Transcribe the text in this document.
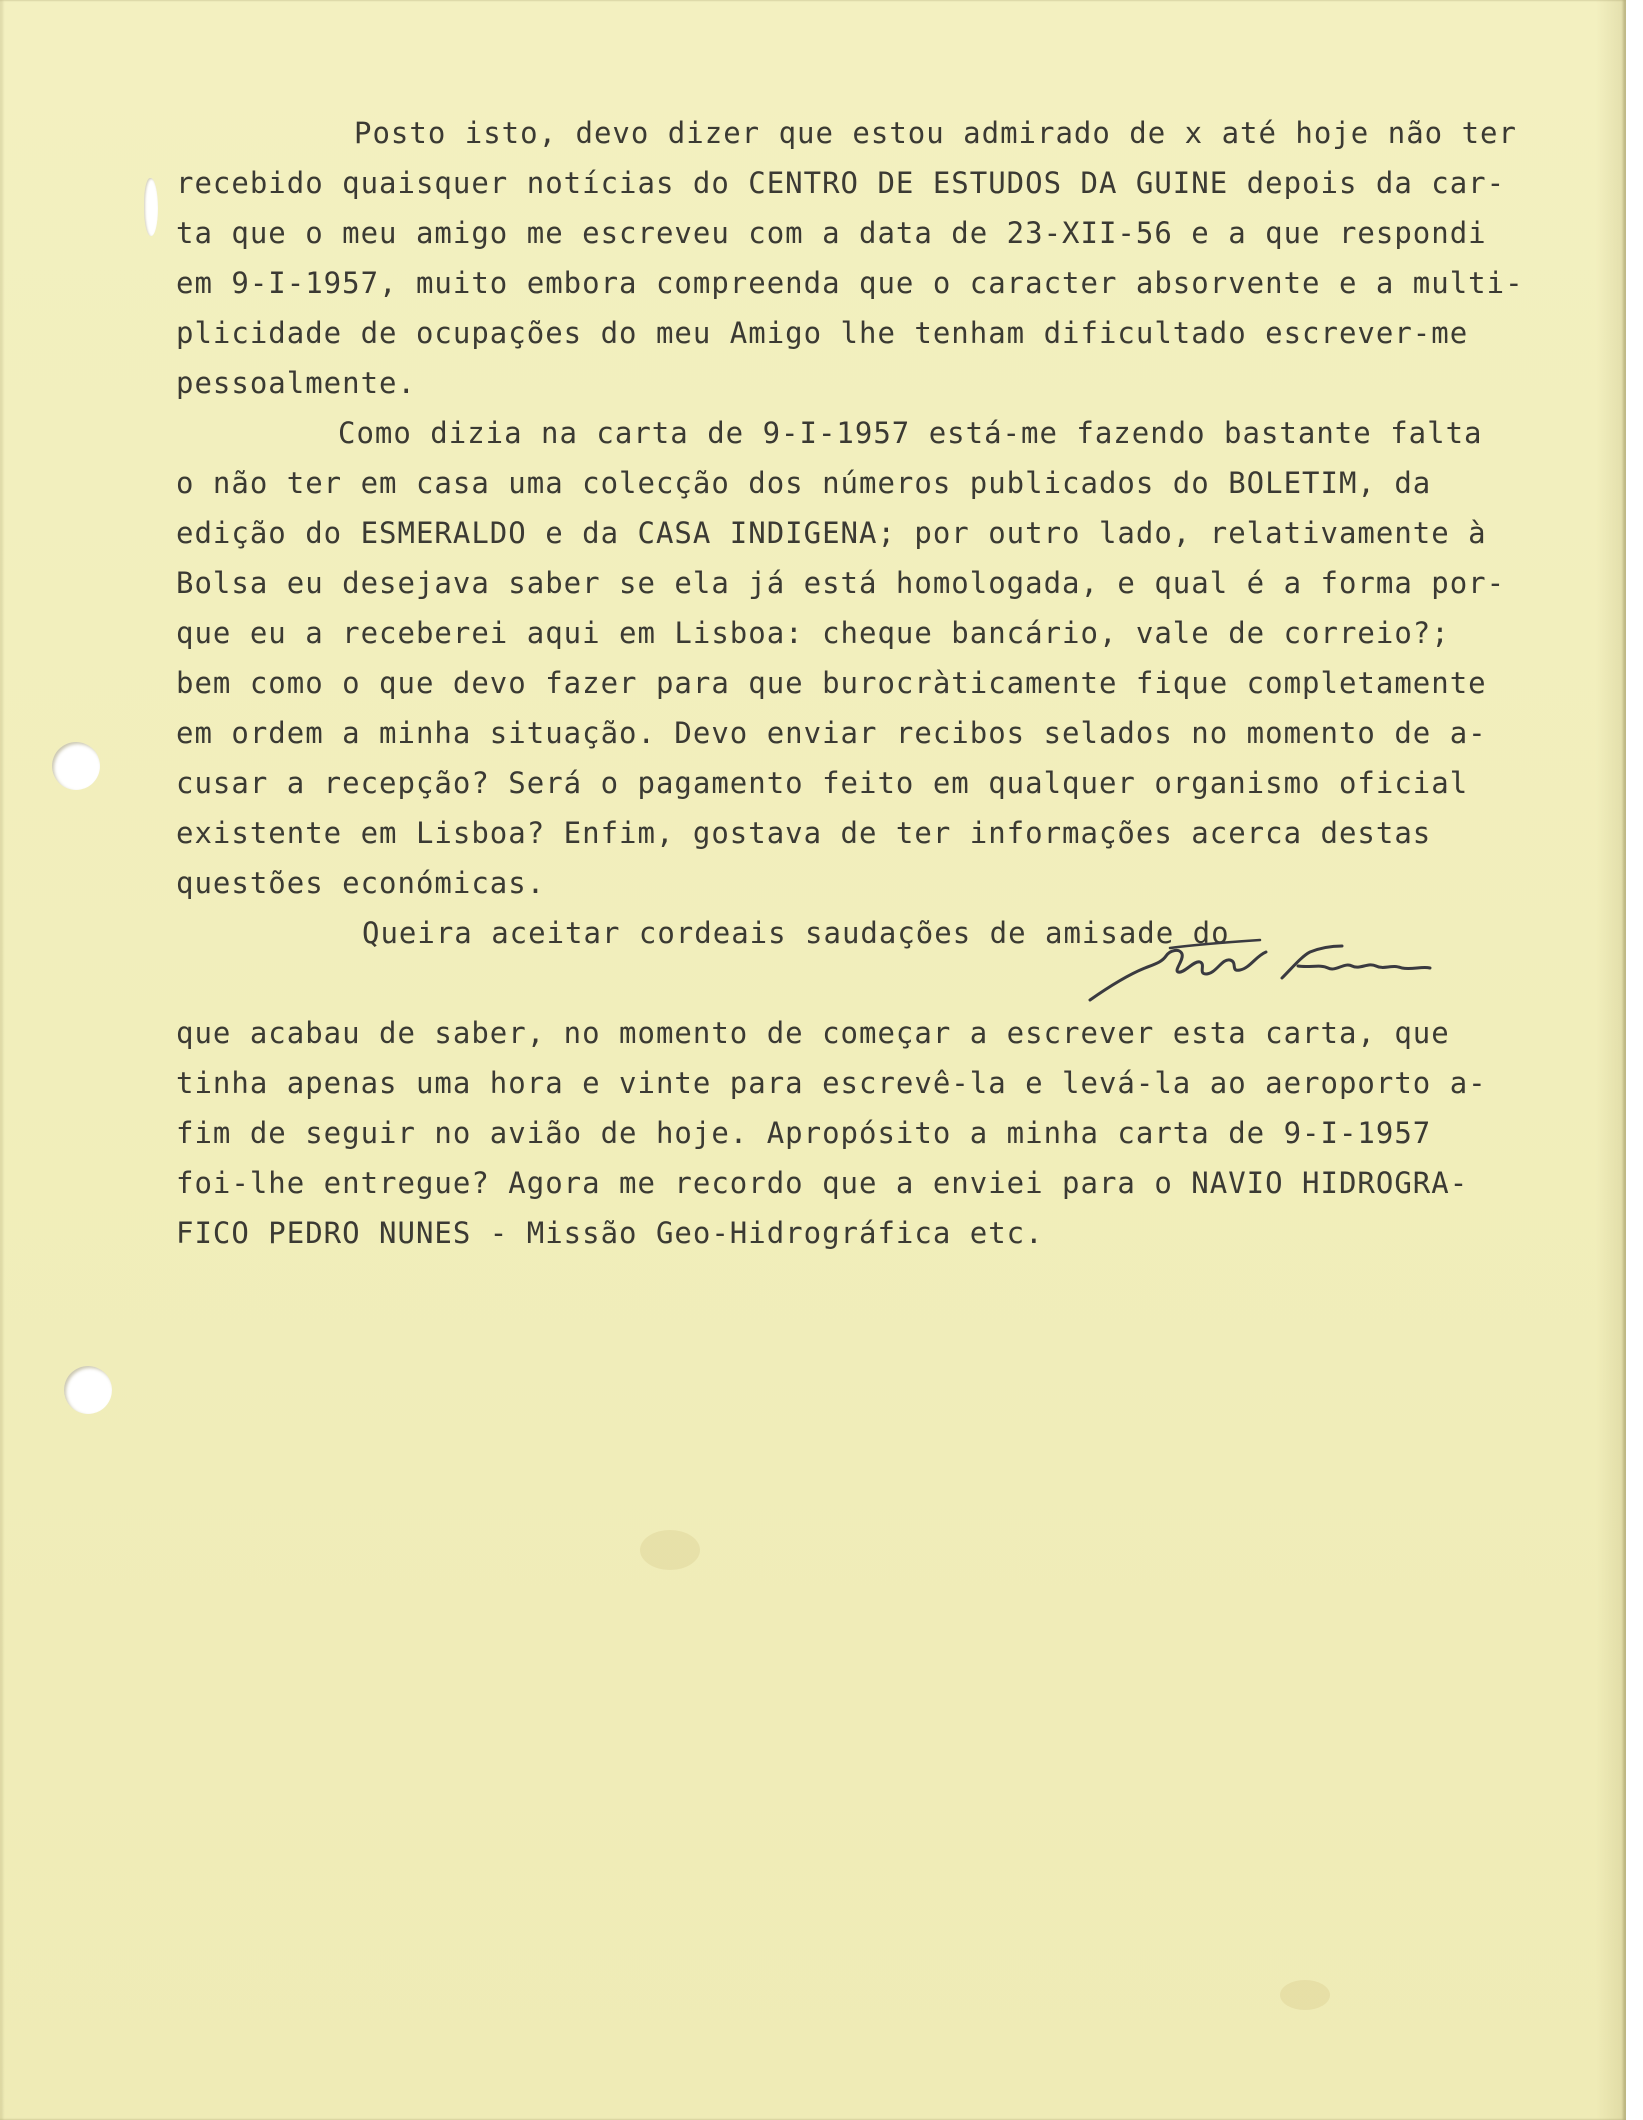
Posto isto, devo dizer que estou admirado de x até hoje não ter
recebido quaisquer notícias do CENTRO DE ESTUDOS DA GUINE depois da car-
ta que o meu amigo me escreveu com a data de 23-XII-56 e a que respondi
em 9-I-1957, muito embora compreenda que o caracter absorvente e a multi-
plicidade de ocupações do meu Amigo lhe tenham dificultado escrever-me
pessoalmente.
Como dizia na carta de 9-I-1957 está-me fazendo bastante falta
o não ter em casa uma colecção dos números publicados do BOLETIM, da
edição do ESMERALDO e da CASA INDIGENA; por outro lado, relativamente à
Bolsa eu desejava saber se ela já está homologada, e qual é a forma por-
que eu a receberei aqui em Lisboa: cheque bancário, vale de correio?;
bem como o que devo fazer para que burocràticamente fique completamente
em ordem a minha situação. Devo enviar recibos selados no momento de a-
cusar a recepção? Será o pagamento feito em qualquer organismo oficial
existente em Lisboa? Enfim, gostava de ter informações acerca destas
questões económicas.
Queira aceitar cordeais saudações de amisade do
que acabau de saber, no momento de começar a escrever esta carta, que
tinha apenas uma hora e vinte para escrevê-la e levá-la ao aeroporto a-
fim de seguir no avião de hoje. Apropósito a minha carta de 9-I-1957
foi-lhe entregue? Agora me recordo que a enviei para o NAVIO HIDROGRA-
FICO PEDRO NUNES - Missão Geo-Hidrográfica etc.
